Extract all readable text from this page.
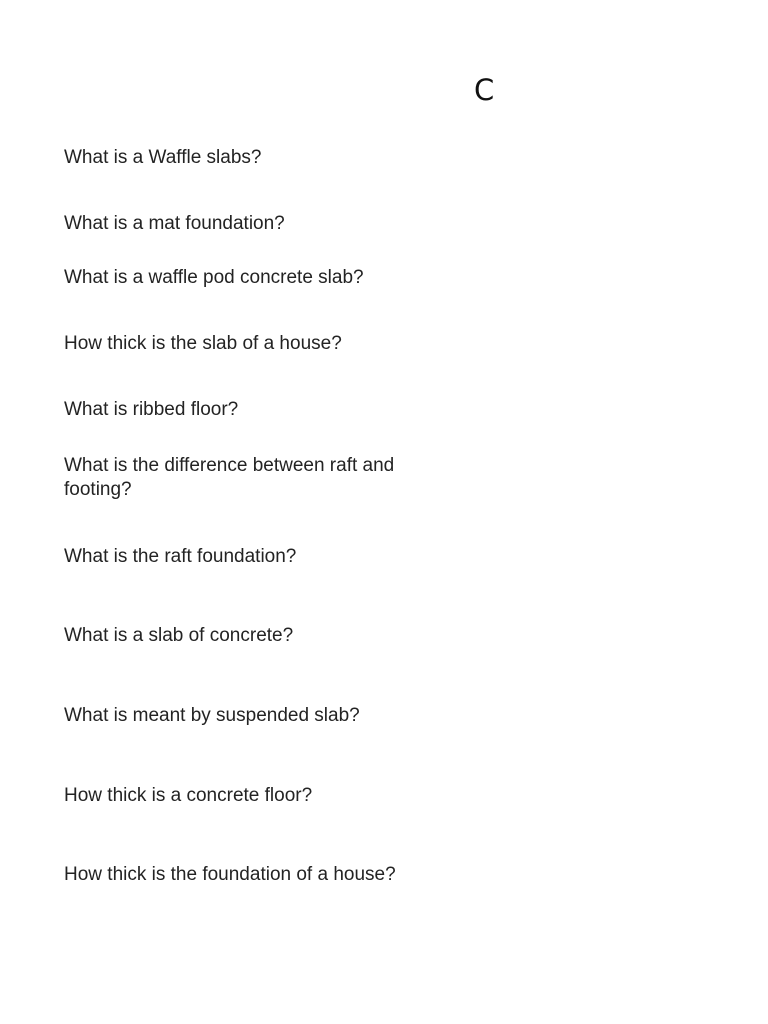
C
What is a Waffle slabs?
What is a mat foundation?
What is a waffle pod concrete slab?
How thick is the slab of a house?
What is ribbed floor?
What is the difference between raft and footing?
What is the raft foundation?
What is a slab of concrete?
What is meant by suspended slab?
How thick is a concrete floor?
How thick is the foundation of a house?
